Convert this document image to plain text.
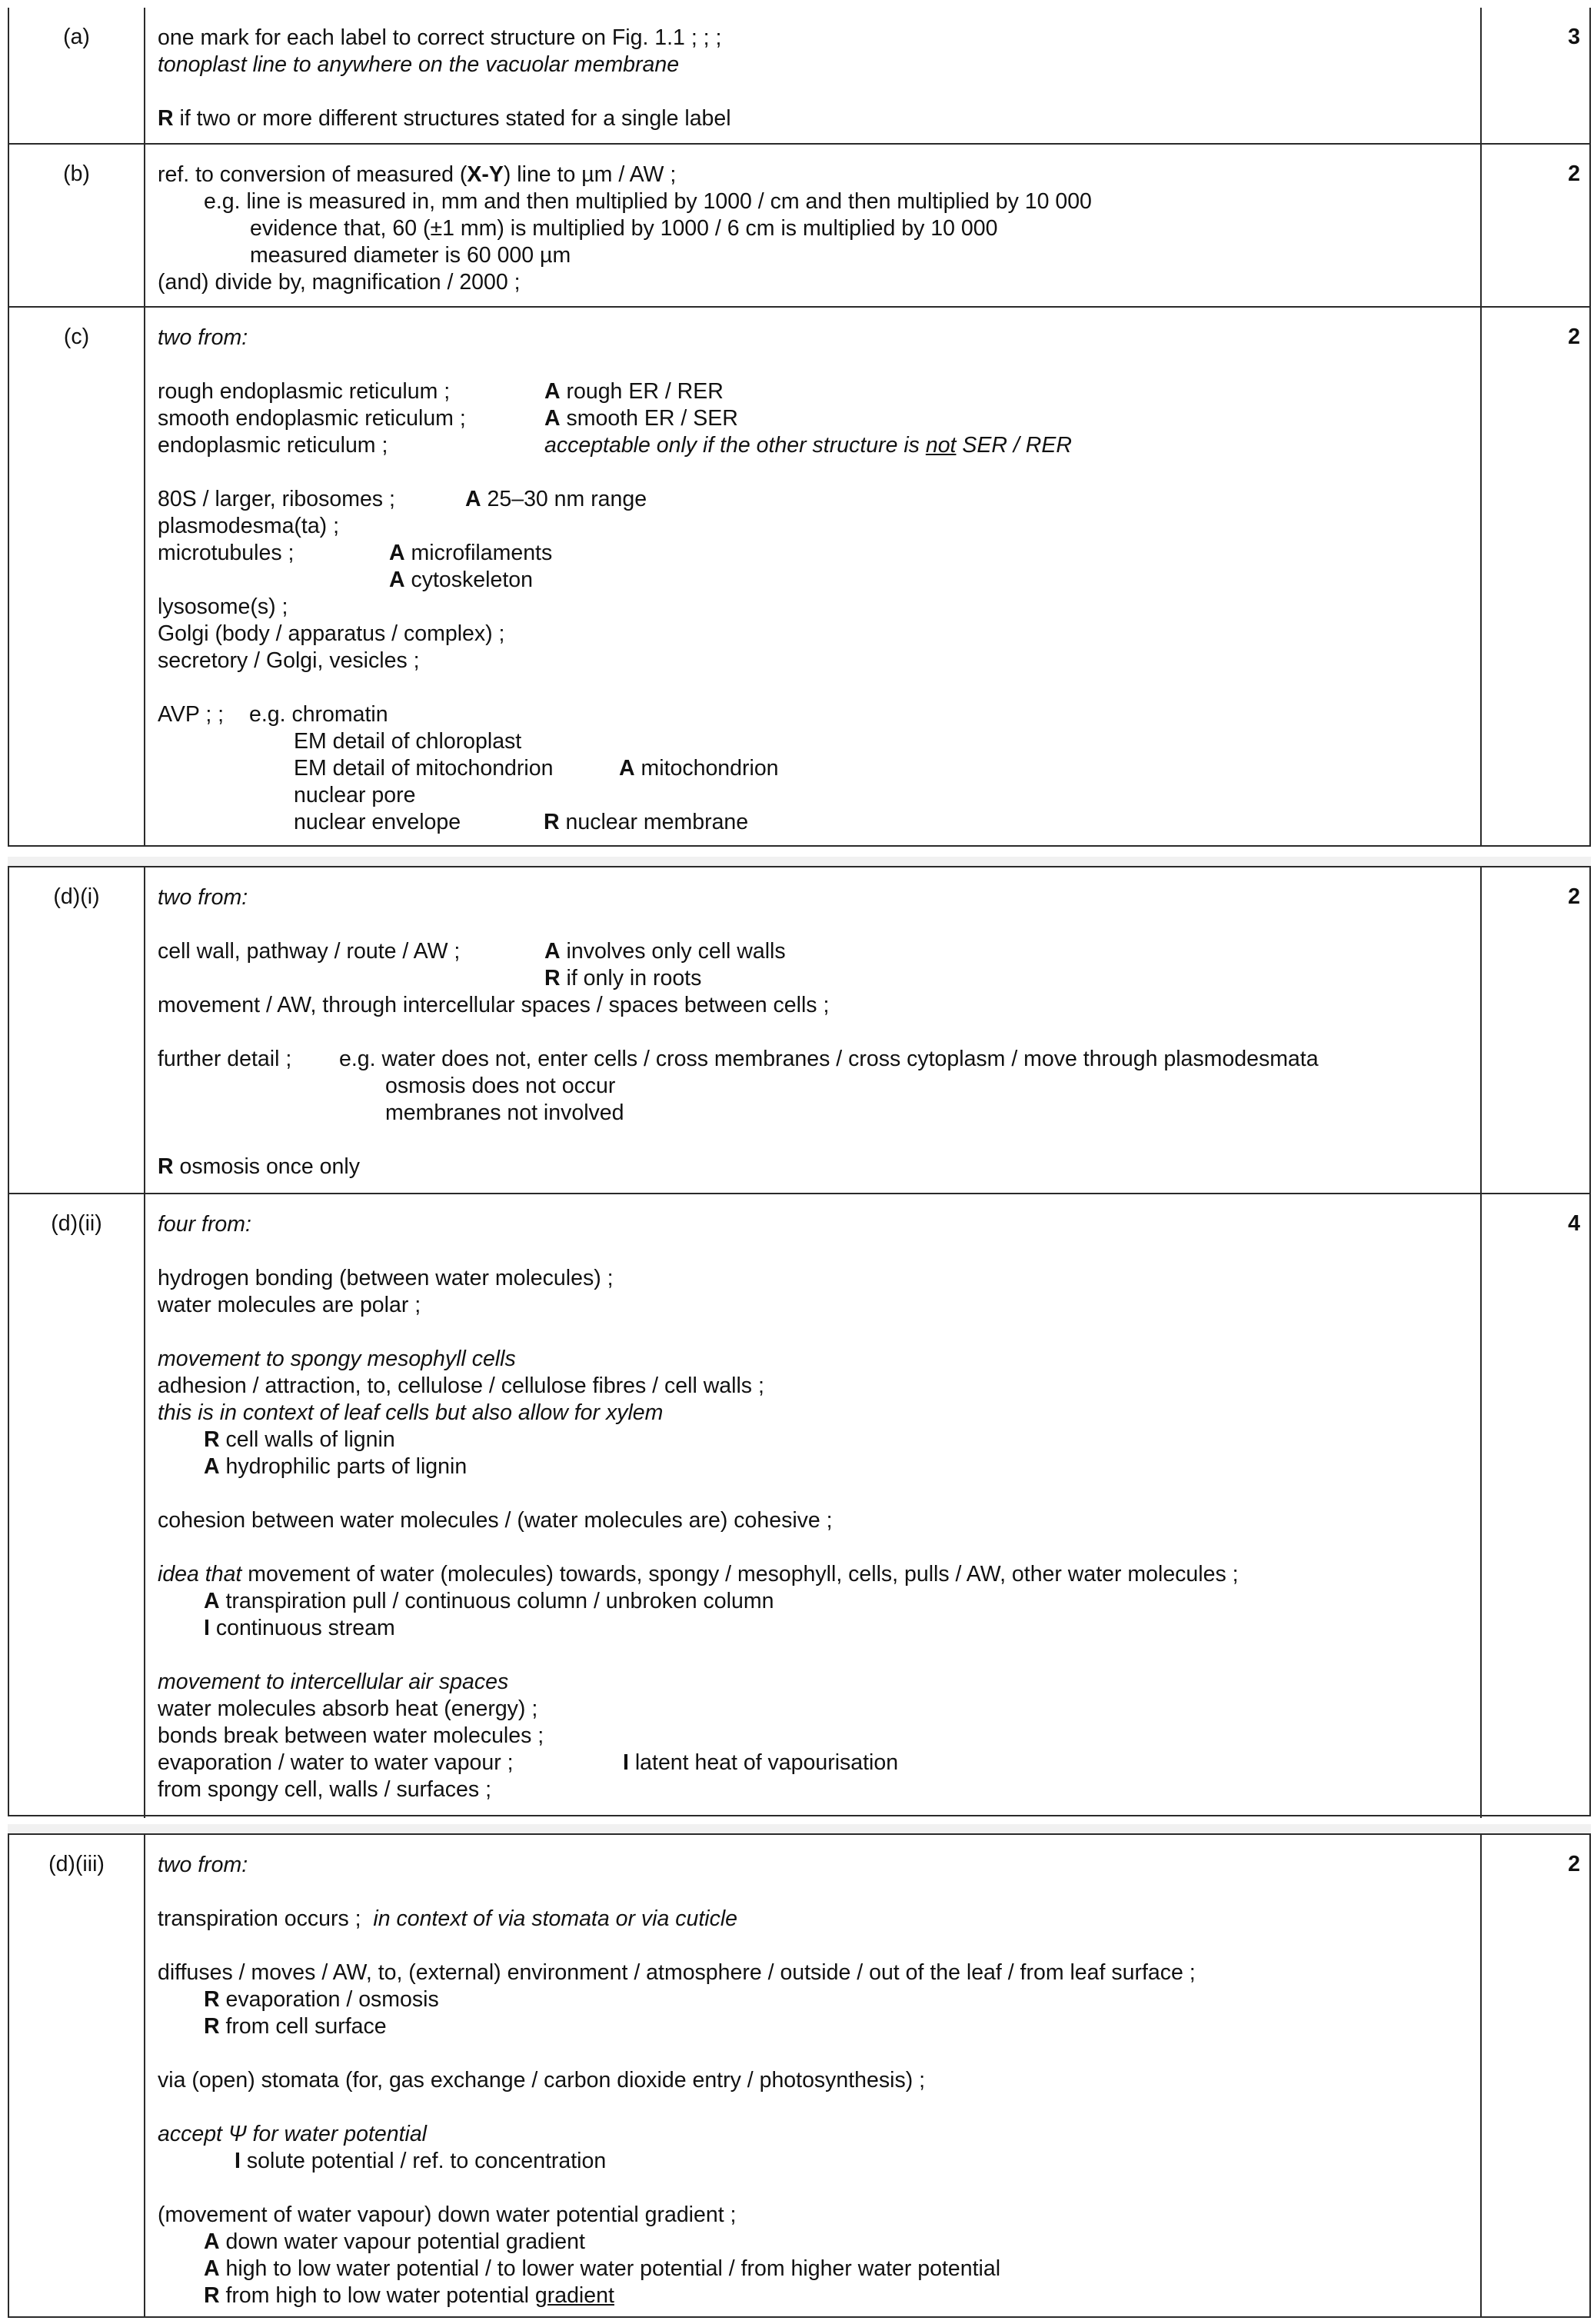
(a)	one mark for each label to correct structure on Fig. 1.1 ; ; ;
tonoplast line to anywhere on the vacuolar membrane
R if two or more different structures stated for a single label
3
(b)	ref. to conversion of measured (X-Y) line to µm / AW ;
e.g. line is measured in, mm and then multiplied by 1000 / cm and then multiplied by 10 000
evidence that, 60 (±1 mm) is multiplied by 1000 / 6 cm is multiplied by 10 000
measured diameter is 60 000 µm
(and) divide by, magnification / 2000 ;
2
(c)	two from:
rough endoplasmic reticulum ;	A rough ER / RER
smooth endoplasmic reticulum ;	A smooth ER / SER
endoplasmic reticulum ;	acceptable only if the other structure is not SER / RER
80S / larger, ribosomes ;	A 25–30 nm range
plasmodesma(ta) ;
microtubules ;	A microfilaments
A cytoskeleton
lysosome(s) ;
Golgi (body / apparatus / complex) ;
secretory / Golgi, vesicles ;
AVP ; ; e.g. chromatin
EM detail of chloroplast
EM detail of mitochondrion	A mitochondrion
nuclear pore
nuclear envelope	R nuclear membrane
2
(d)(i)	two from:
cell wall, pathway / route / AW ;	A involves only cell walls
R if only in roots
movement / AW, through intercellular spaces / spaces between cells ;
further detail ; e.g. water does not, enter cells / cross membranes / cross cytoplasm / move through plasmodesmata
osmosis does not occur
membranes not involved
R osmosis once only
2
(d)(ii)	four from:
hydrogen bonding (between water molecules) ;
water molecules are polar ;
movement to spongy mesophyll cells
adhesion / attraction, to, cellulose / cellulose fibres / cell walls ;
this is in context of leaf cells but also allow for xylem
R cell walls of lignin
A hydrophilic parts of lignin
cohesion between water molecules / (water molecules are) cohesive ;
idea that movement of water (molecules) towards, spongy / mesophyll, cells, pulls / AW, other water molecules ;
A transpiration pull / continuous column / unbroken column
I continuous stream
movement to intercellular air spaces
water molecules absorb heat (energy) ;
bonds break between water molecules ;
evaporation / water to water vapour ;	I latent heat of vapourisation
from spongy cell, walls / surfaces ;
4
(d)(iii)	two from:
transpiration occurs ; in context of via stomata or via cuticle
diffuses / moves / AW, to, (external) environment / atmosphere / outside / out of the leaf / from leaf surface ;
R evaporation / osmosis
R from cell surface
via (open) stomata (for, gas exchange / carbon dioxide entry / photosynthesis) ;
accept Ψ for water potential
I solute potential / ref. to concentration
(movement of water vapour) down water potential gradient ;
A down water vapour potential gradient
A high to low water potential / to lower water potential / from higher water potential
R from high to low water potential gradient
2
